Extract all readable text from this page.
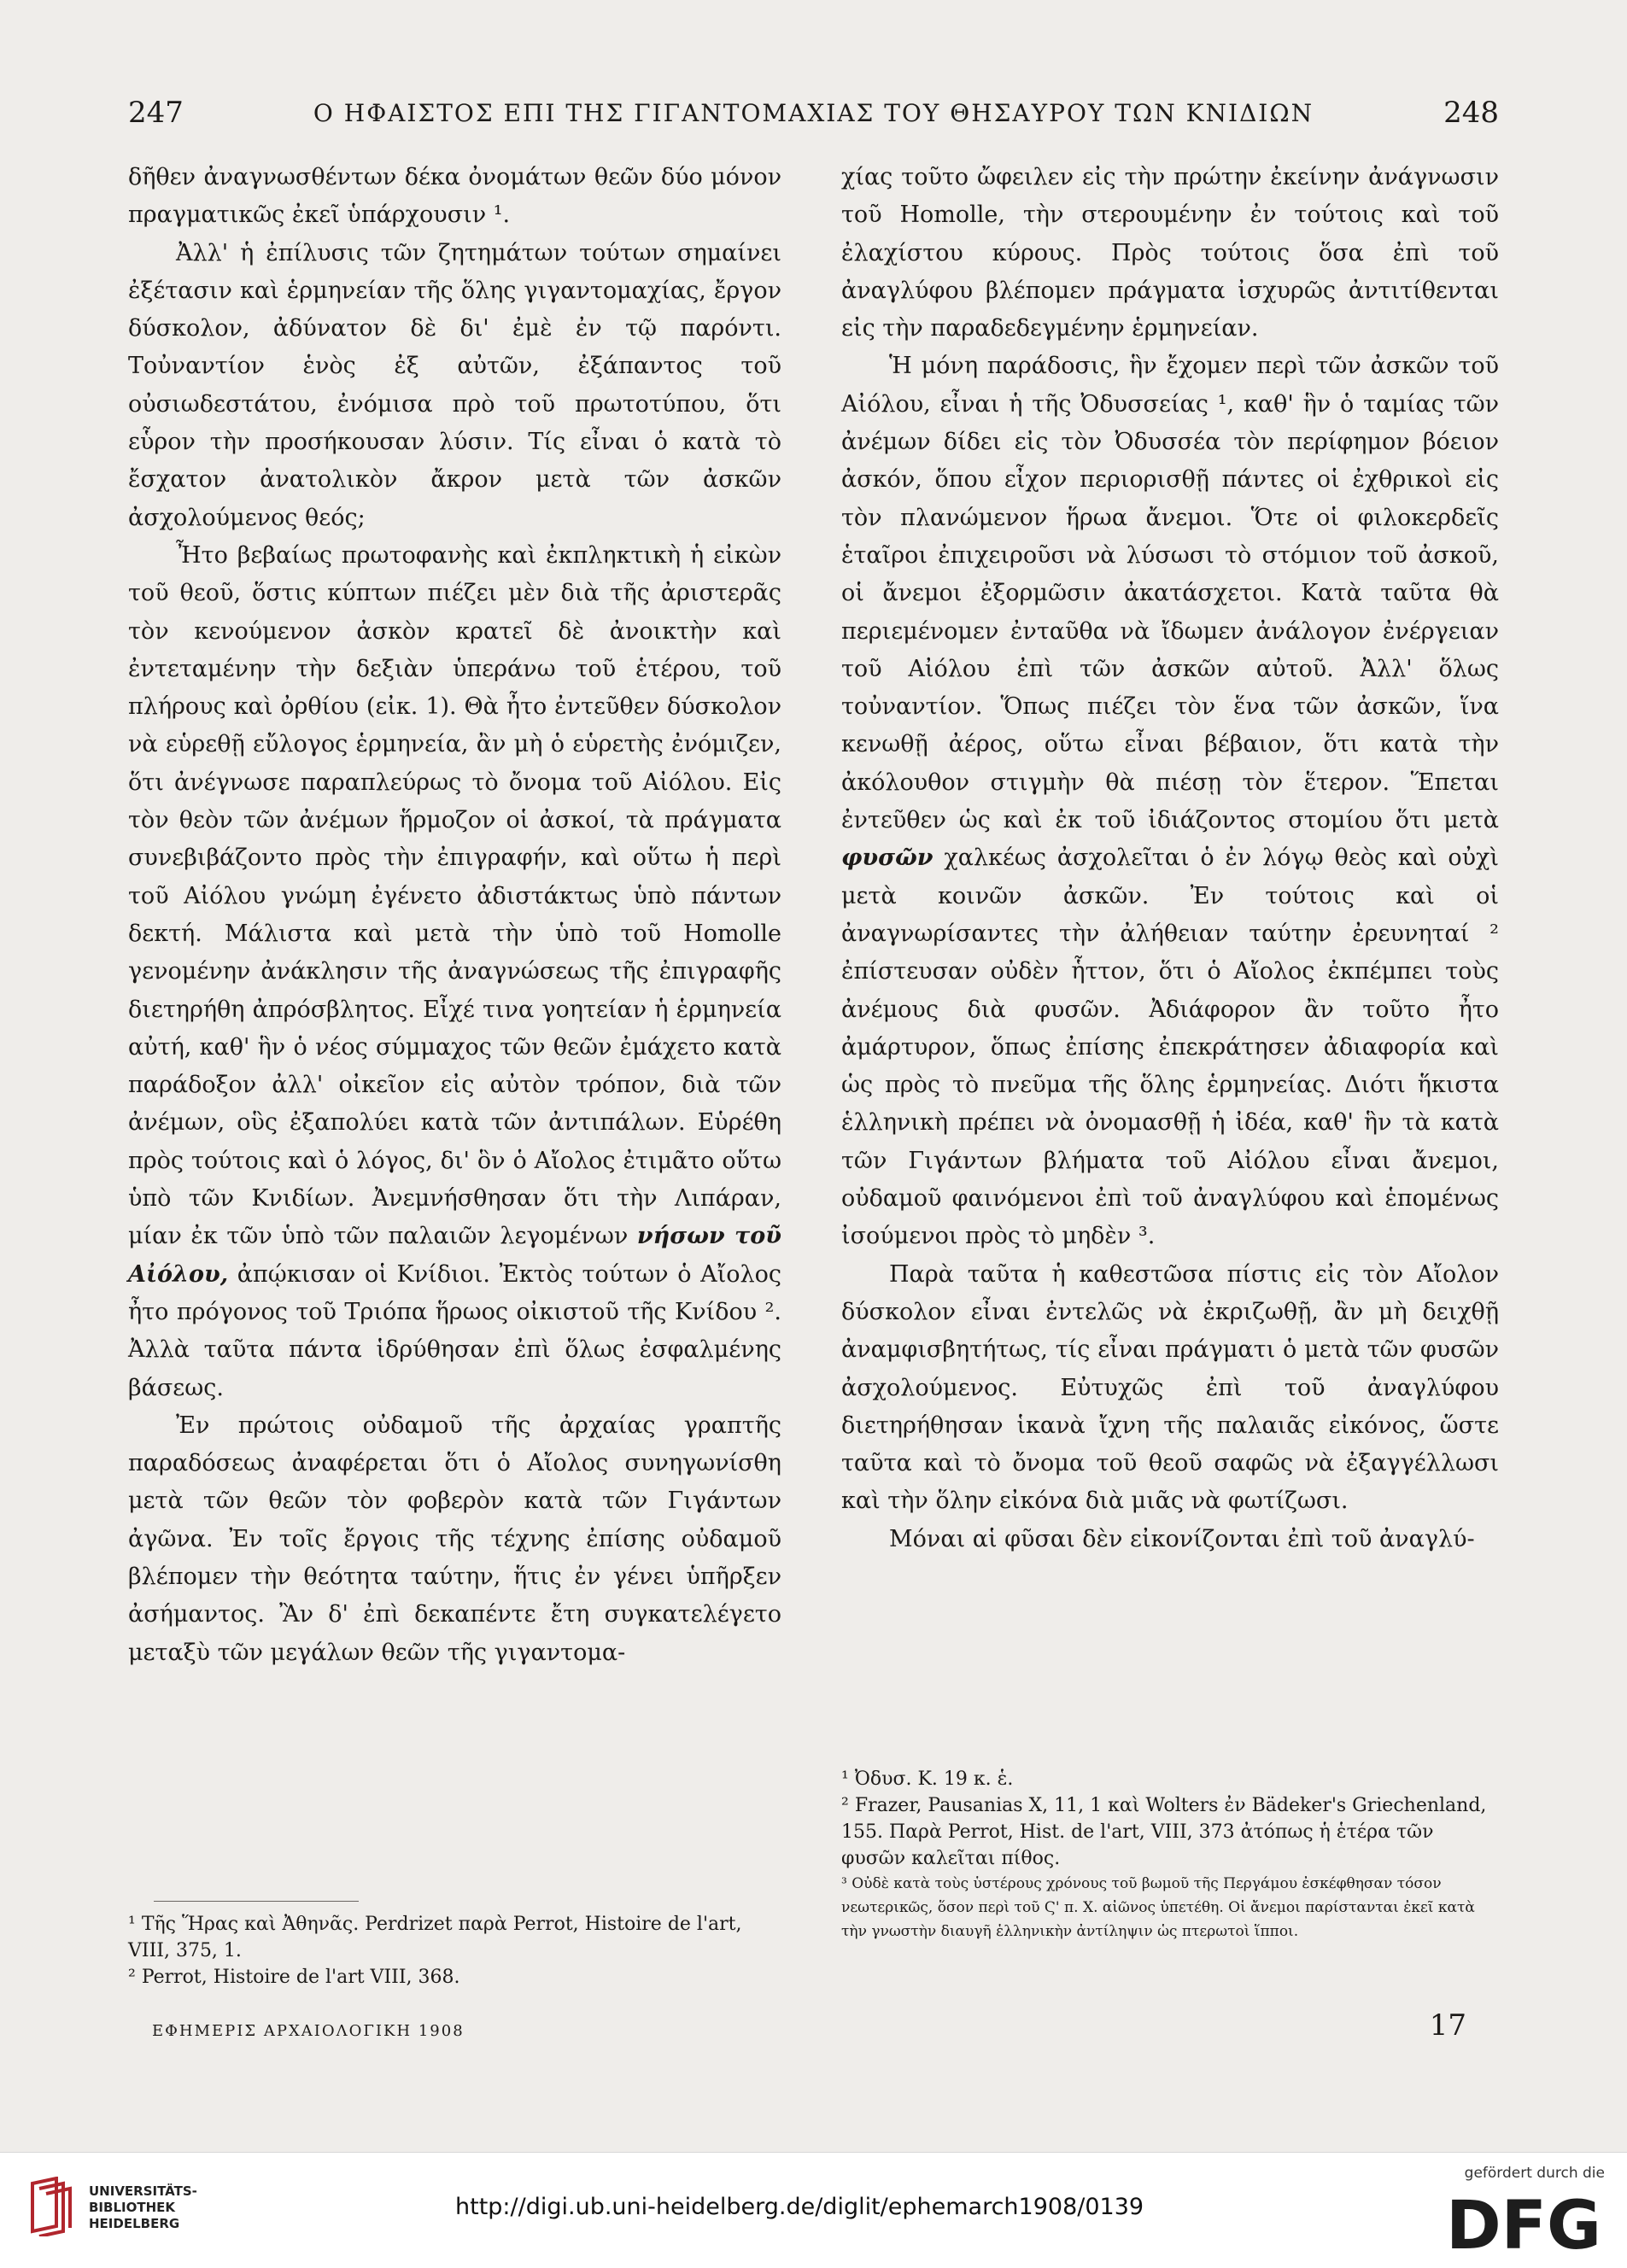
247	Ο ΗΦΑΙΣΤΟΣ ΕΠΙ ΤΗΣ ΓΙΓΑΝΤΟΜΑΧΙΑΣ ΤΟΥ ΘΗΣΑΥΡΟΥ ΤΩΝ ΚΝΙΔΙΩΝ	248

δῆθεν ἀναγνωσθέντων δέκα ὀνομάτων θεῶν δύο μόνον πραγματικῶς ἐκεῖ ὑπάρχουσιν ¹.

Ἀλλ' ἡ ἐπίλυσις τῶν ζητημάτων τούτων σημαίνει ἐξέτασιν καὶ ἑρμηνείαν τῆς ὅλης γιγαντομαχίας, ἔργον δύσκολον, ἀδύνατον δὲ δι' ἐμὲ ἐν τῷ παρόντι. Τοὐναντίον ἑνὸς ἐξ αὐτῶν, ἐξάπαντος τοῦ οὐσιωδεστάτου, ἐνόμισα πρὸ τοῦ πρωτοτύπου, ὅτι εὗρον τὴν προσήκουσαν λύσιν. Τίς εἶναι ὁ κατὰ τὸ ἔσχατον ἀνατολικὸν ἄκρον μετὰ τῶν ἀσκῶν ἀσχολούμενος θεός;

Ἦτο βεβαίως πρωτοφανὴς καὶ ἐκπληκτικὴ ἡ εἰκὼν τοῦ θεοῦ, ὅστις κύπτων πιέζει μὲν διὰ τῆς ἀριστερᾶς τὸν κενούμενον ἀσκὸν κρατεῖ δὲ ἀνοικτὴν καὶ ἐντεταμένην τὴν δεξιὰν ὑπεράνω τοῦ ἑτέρου, τοῦ πλήρους καὶ ὀρθίου (εἰκ. 1). Θὰ ἦτο ἐντεῦθεν δύσκολον νὰ εὑρεθῇ εὔλογος ἑρμηνεία, ἂν μὴ ὁ εὑρετὴς ἐνόμιζεν, ὅτι ἀνέγνωσε παραπλεύρως τὸ ὄνομα τοῦ Αἰόλου. Εἰς τὸν θεὸν τῶν ἀνέμων ἥρμοζον οἱ ἀσκοί, τὰ πράγματα συνεβιβάζοντο πρὸς τὴν ἐπιγραφήν, καὶ οὕτω ἡ περὶ τοῦ Αἰόλου γνώμη ἐγένετο ἀδιστάκτως ὑπὸ πάντων δεκτή. Μάλιστα καὶ μετὰ τὴν ὑπὸ τοῦ Homolle γενομένην ἀνάκλησιν τῆς ἀναγνώσεως τῆς ἐπιγραφῆς διετηρήθη ἀπρόσβλητος. Εἶχέ τινα γοητείαν ἡ ἑρμηνεία αὐτή, καθ' ἣν ὁ νέος σύμμαχος τῶν θεῶν ἐμάχετο κατὰ παράδοξον ἀλλ' οἰκεῖον εἰς αὐτὸν τρόπον, διὰ τῶν ἀνέμων, οὓς ἐξαπολύει κατὰ τῶν ἀντιπάλων. Εὑρέθη πρὸς τούτοις καὶ ὁ λόγος, δι' ὃν ὁ Αἴολος ἐτιμᾶτο οὕτω ὑπὸ τῶν Κνιδίων. Ἀνεμνήσθησαν ὅτι τὴν Λιπάραν, μίαν ἐκ τῶν ὑπὸ τῶν παλαιῶν λεγομένων νήσων τοῦ Αἰόλου, ἀπῴκισαν οἱ Κνίδιοι. Ἐκτὸς τούτων ὁ Αἴολος ἦτο πρόγονος τοῦ Τριόπα ἥρωος οἰκιστοῦ τῆς Κνίδου ². Ἀλλὰ ταῦτα πάντα ἱδρύθησαν ἐπὶ ὅλως ἐσφαλμένης βάσεως.

Ἐν πρώτοις οὐδαμοῦ τῆς ἀρχαίας γραπτῆς παραδόσεως ἀναφέρεται ὅτι ὁ Αἴολος συνηγωνίσθη μετὰ τῶν θεῶν τὸν φοβερὸν κατὰ τῶν Γιγάντων ἀγῶνα. Ἐν τοῖς ἔργοις τῆς τέχνης ἐπίσης οὐδαμοῦ βλέπομεν τὴν θεότητα ταύτην, ἥτις ἐν γένει ὑπῆρξεν ἀσήμαντος. Ἂν δ' ἐπὶ δεκαπέντε ἔτη συγκατελέγετο μεταξὺ τῶν μεγάλων θεῶν τῆς γιγαντομα-

χίας τοῦτο ὤφειλεν εἰς τὴν πρώτην ἐκείνην ἀνάγνωσιν τοῦ Homolle, τὴν στερουμένην ἐν τούτοις καὶ τοῦ ἐλαχίστου κύρους. Πρὸς τούτοις ὅσα ἐπὶ τοῦ ἀναγλύφου βλέπομεν πράγματα ἰσχυρῶς ἀντιτίθενται εἰς τὴν παραδεδεγμένην ἑρμηνείαν.

Ἡ μόνη παράδοσις, ἣν ἔχομεν περὶ τῶν ἀσκῶν τοῦ Αἰόλου, εἶναι ἡ τῆς Ὀδυσσείας ¹, καθ' ἣν ὁ ταμίας τῶν ἀνέμων δίδει εἰς τὸν Ὀδυσσέα τὸν περίφημον βόειον ἀσκόν, ὅπου εἶχον περιορισθῇ πάντες οἱ ἐχθρικοὶ εἰς τὸν πλανώμενον ἥρωα ἄνεμοι. Ὅτε οἱ φιλοκερδεῖς ἑταῖροι ἐπιχειροῦσι νὰ λύσωσι τὸ στόμιον τοῦ ἀσκοῦ, οἱ ἄνεμοι ἐξορμῶσιν ἀκατάσχετοι. Κατὰ ταῦτα θὰ περιεμένομεν ἐνταῦθα νὰ ἴδωμεν ἀνάλογον ἐνέργειαν τοῦ Αἰόλου ἐπὶ τῶν ἀσκῶν αὐτοῦ. Ἀλλ' ὅλως τοὐναντίον. Ὅπως πιέζει τὸν ἕνα τῶν ἀσκῶν, ἵνα κενωθῇ ἀέρος, οὕτω εἶναι βέβαιον, ὅτι κατὰ τὴν ἀκόλουθον στιγμὴν θὰ πιέσῃ τὸν ἕτερον. Ἕπεται ἐντεῦθεν ὡς καὶ ἐκ τοῦ ἰδιάζοντος στομίου ὅτι μετὰ φυσῶν χαλκέως ἀσχολεῖται ὁ ἐν λόγῳ θεὸς καὶ οὐχὶ μετὰ κοινῶν ἀσκῶν. Ἐν τούτοις καὶ οἱ ἀναγνωρίσαντες τὴν ἀλήθειαν ταύτην ἐρευνηταί ² ἐπίστευσαν οὐδὲν ἧττον, ὅτι ὁ Αἴολος ἐκπέμπει τοὺς ἀνέμους διὰ φυσῶν. Ἀδιάφορον ἂν τοῦτο ἦτο ἀμάρτυρον, ὅπως ἐπίσης ἐπεκράτησεν ἀδιαφορία καὶ ὡς πρὸς τὸ πνεῦμα τῆς ὅλης ἑρμηνείας. Διότι ἥκιστα ἑλληνικὴ πρέπει νὰ ὀνομασθῇ ἡ ἰδέα, καθ' ἣν τὰ κατὰ τῶν Γιγάντων βλήματα τοῦ Αἰόλου εἶναι ἄνεμοι, οὐδαμοῦ φαινόμενοι ἐπὶ τοῦ ἀναγλύφου καὶ ἑπομένως ἰσούμενοι πρὸς τὸ μηδὲν ³.

Παρὰ ταῦτα ἡ καθεστῶσα πίστις εἰς τὸν Αἴολον δύσκολον εἶναι ἐντελῶς νὰ ἐκριζωθῇ, ἂν μὴ δειχθῇ ἀναμφισβητήτως, τίς εἶναι πράγματι ὁ μετὰ τῶν φυσῶν ἀσχολούμενος. Εὐτυχῶς ἐπὶ τοῦ ἀναγλύφου διετηρήθησαν ἱκανὰ ἴχνη τῆς παλαιᾶς εἰκόνος, ὥστε ταῦτα καὶ τὸ ὄνομα τοῦ θεοῦ σαφῶς νὰ ἐξαγγέλλωσι καὶ τὴν ὅλην εἰκόνα διὰ μιᾶς νὰ φωτίζωσι.

Μόναι αἱ φῦσαι δὲν εἰκονίζονται ἐπὶ τοῦ ἀναγλύ-

¹ Ὀδυσ. Κ. 19 κ. ἑ.

² Frazer, Pausanias X, 11, 1 καὶ Wolters ἐν Bädeker's Griechenland, 155. Παρὰ Perrot, Hist. de l'art, VIII, 373 ἀτόπως ἡ ἑτέρα τῶν φυσῶν καλεῖται πίθος.

³ Οὐδὲ κατὰ τοὺς ὑστέρους χρόνους τοῦ βωμοῦ τῆς Περγάμου ἐσκέφθησαν τόσον νεωτερικῶς, ὅσον περὶ τοῦ Ϛ' π. Χ. αἰῶνος ὑπετέθη. Οἱ ἄνεμοι παρίστανται ἐκεῖ κατὰ τὴν γνωστὴν διαυγῆ ἑλληνικὴν ἀντίληψιν ὡς πτερωτοὶ ἵπποι.

¹ Τῆς Ἥρας καὶ Ἀθηνᾶς. Perdrizet παρὰ Perrot, Histoire de l'art, VIII, 375, 1.

² Perrot, Histoire de l'art VIII, 368.

ΕΦΗΜΕΡΙΣ ΑΡΧΑΙΟΛΟΓΙΚΗ 1908	17
UNIVERSITÄTS-
BIBLIOTHEK
HEIDELBERG
http://digi.ub.uni-heidelberg.de/diglit/ephemarch1908/0139
gefördert durch die
DFG
